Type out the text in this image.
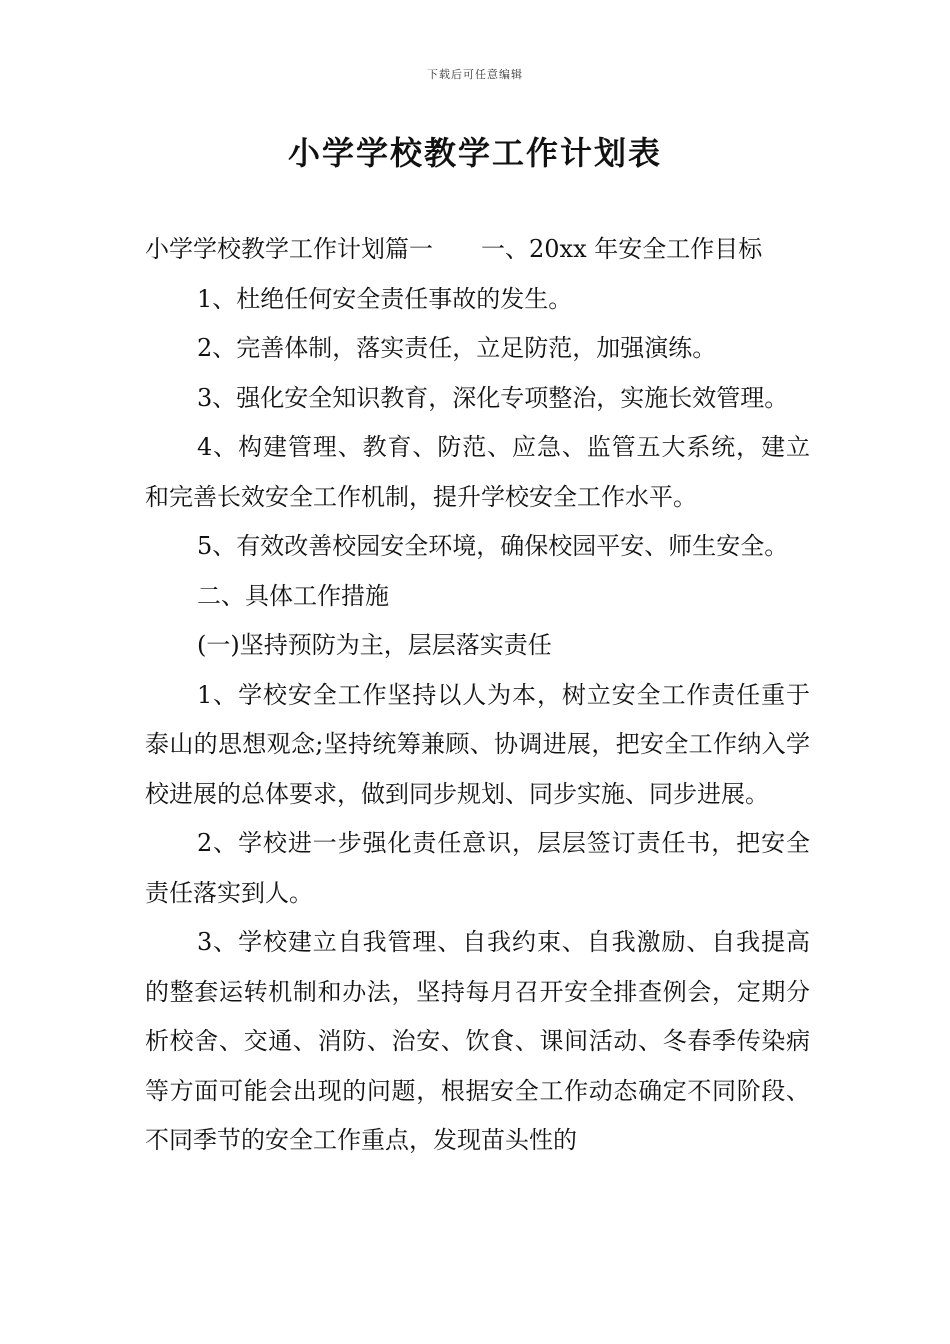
下载后可任意编辑
小学学校教学工作计划表

小学学校教学工作计划篇一 一、20xx 年安全工作目标

1、杜绝任何安全责任事故的发生。

2、完善体制，落实责任，立足防范，加强演练。

3、强化安全知识教育，深化专项整治，实施长效管理。

4、构建管理、教育、防范、应急、监管五大系统，建立和完善长效安全工作机制，提升学校安全工作水平。

5、有效改善校园安全环境，确保校园平安、师生安全。

二、具体工作措施

(一)坚持预防为主，层层落实责任

1、学校安全工作坚持以人为本，树立安全工作责任重于泰山的思想观念;坚持统筹兼顾、协调进展，把安全工作纳入学校进展的总体要求，做到同步规划、同步实施、同步进展。

2、学校进一步强化责任意识，层层签订责任书，把安全责任落实到人。

3、学校建立自我管理、自我约束、自我激励、自我提高的整套运转机制和办法，坚持每月召开安全排查例会，定期分析校舍、交通、消防、治安、饮食、课间活动、冬春季传染病等方面可能会出现的问题，根据安全工作动态确定不同阶段、不同季节的安全工作重点，发现苗头性的
